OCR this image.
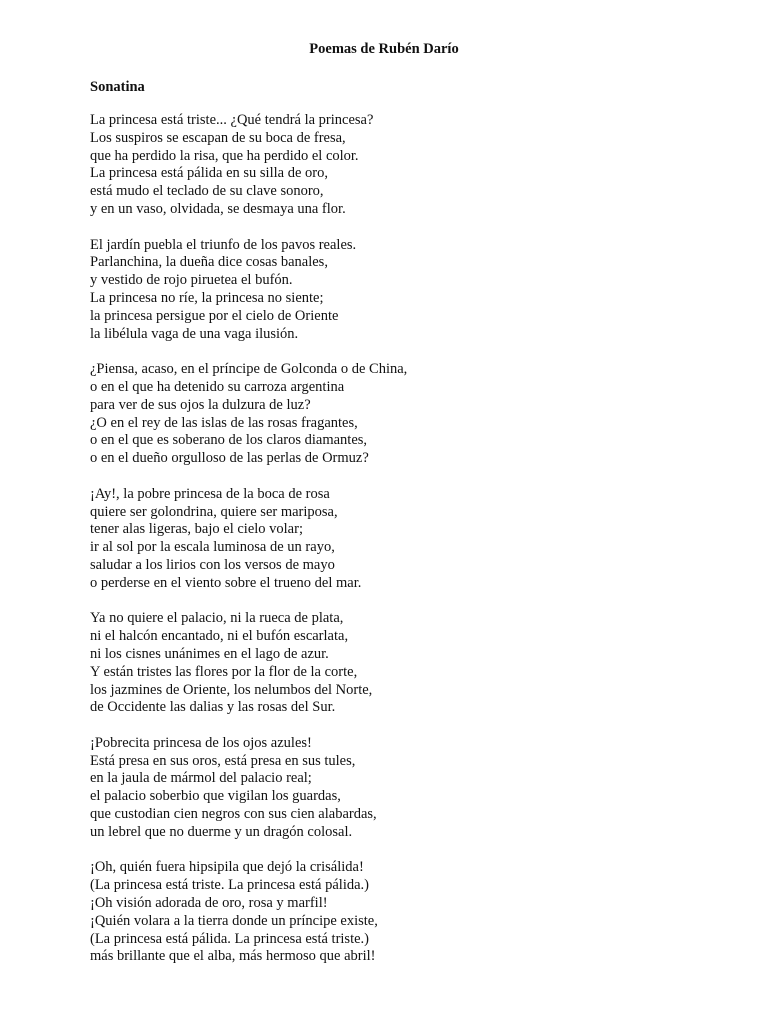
Poemas de Rubén Darío
Sonatina
La princesa está triste... ¿Qué tendrá la princesa?
Los suspiros se escapan de su boca de fresa,
que ha perdido la risa, que ha perdido el color.
La princesa está pálida en su silla de oro,
está mudo el teclado de su clave sonoro,
y en un vaso, olvidada, se desmaya una flor.
El jardín puebla el triunfo de los pavos reales.
Parlanchina, la dueña dice cosas banales,
y vestido de rojo piruetea el bufón.
La princesa no ríe, la princesa no siente;
la princesa persigue por el cielo de Oriente
la libélula vaga de una vaga ilusión.
¿Piensa, acaso, en el príncipe de Golconda o de China,
o en el que ha detenido su carroza argentina
para ver de sus ojos la dulzura de luz?
¿O en el rey de las islas de las rosas fragantes,
o en el que es soberano de los claros diamantes,
o en el dueño orgulloso de las perlas de Ormuz?
¡Ay!, la pobre princesa de la boca de rosa
quiere ser golondrina, quiere ser mariposa,
tener alas ligeras, bajo el cielo volar;
ir al sol por la escala luminosa de un rayo,
saludar a los lirios con los versos de mayo
o perderse en el viento sobre el trueno del mar.
Ya no quiere el palacio, ni la rueca de plata,
ni el halcón encantado, ni el bufón escarlata,
ni los cisnes unánimes en el lago de azur.
Y están tristes las flores por la flor de la corte,
los jazmines de Oriente, los nelumbos del Norte,
de Occidente las dalias y las rosas del Sur.
¡Pobrecita princesa de los ojos azules!
Está presa en sus oros, está presa en sus tules,
en la jaula de mármol del palacio real;
el palacio soberbio que vigilan los guardas,
que custodian cien negros con sus cien alabardas,
un lebrel que no duerme y un dragón colosal.
¡Oh, quién fuera hipsipila que dejó la crisálida!
(La princesa está triste. La princesa está pálida.)
¡Oh visión adorada de oro, rosa y marfil!
¡Quién volara a la tierra donde un príncipe existe,
(La princesa está pálida. La princesa está triste.)
más brillante que el alba, más hermoso que abril!
